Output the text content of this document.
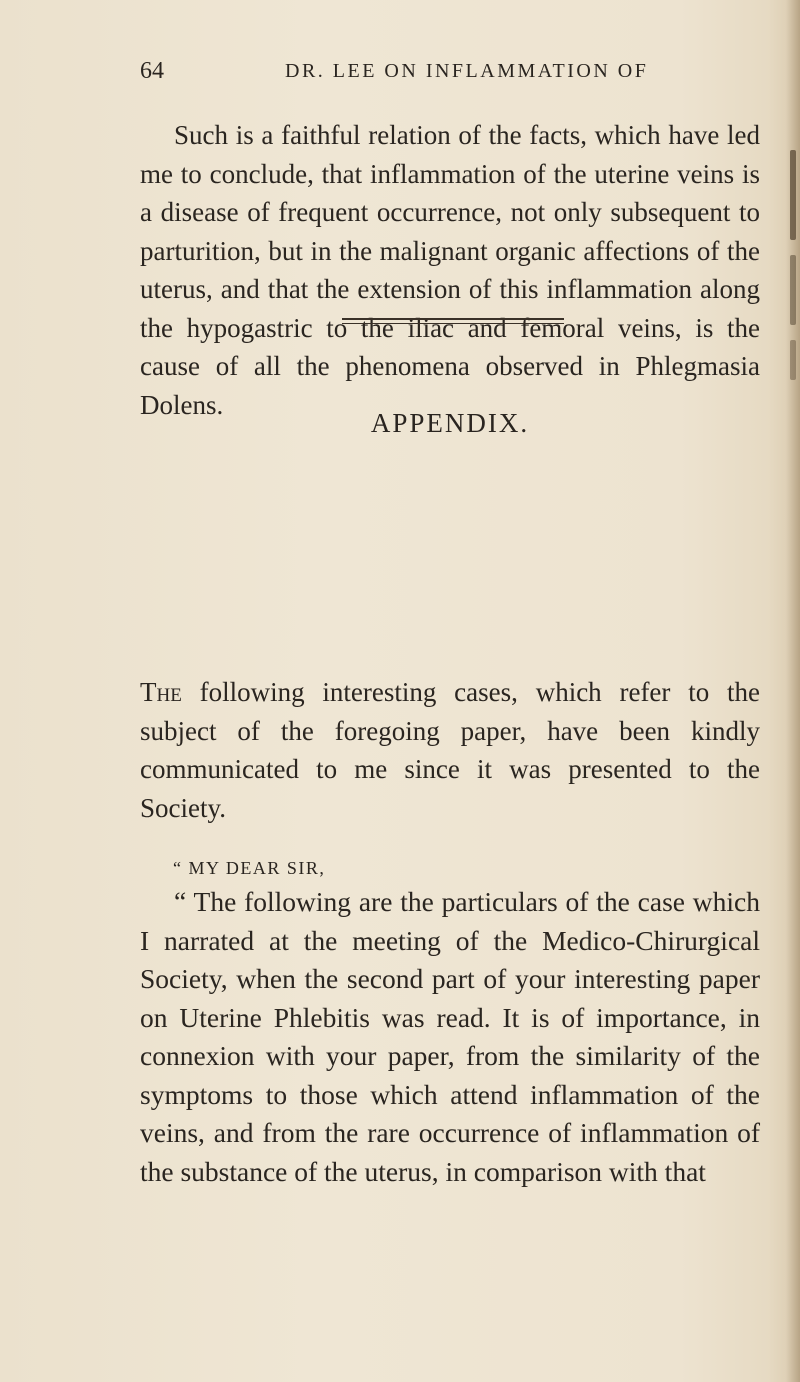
64	DR. LEE ON INFLAMMATION OF
Such is a faithful relation of the facts, which have led me to conclude, that inflammation of the uterine veins is a disease of frequent occurrence, not only subsequent to parturition, but in the malignant organic affections of the uterus, and that the extension of this inflammation along the hypogastric to the iliac and femoral veins, is the cause of all the phenomena observed in Phlegmasia Dolens.
APPENDIX.
The following interesting cases, which refer to the subject of the foregoing paper, have been kindly communicated to me since it was presented to the Society.
“ MY DEAR SIR,
“ The following are the particulars of the case which I narrated at the meeting of the Medico-Chirurgical Society, when the second part of your interesting paper on Uterine Phlebitis was read. It is of importance, in connexion with your paper, from the similarity of the symptoms to those which attend inflammation of the veins, and from the rare occurrence of inflammation of the substance of the uterus, in comparison with that
